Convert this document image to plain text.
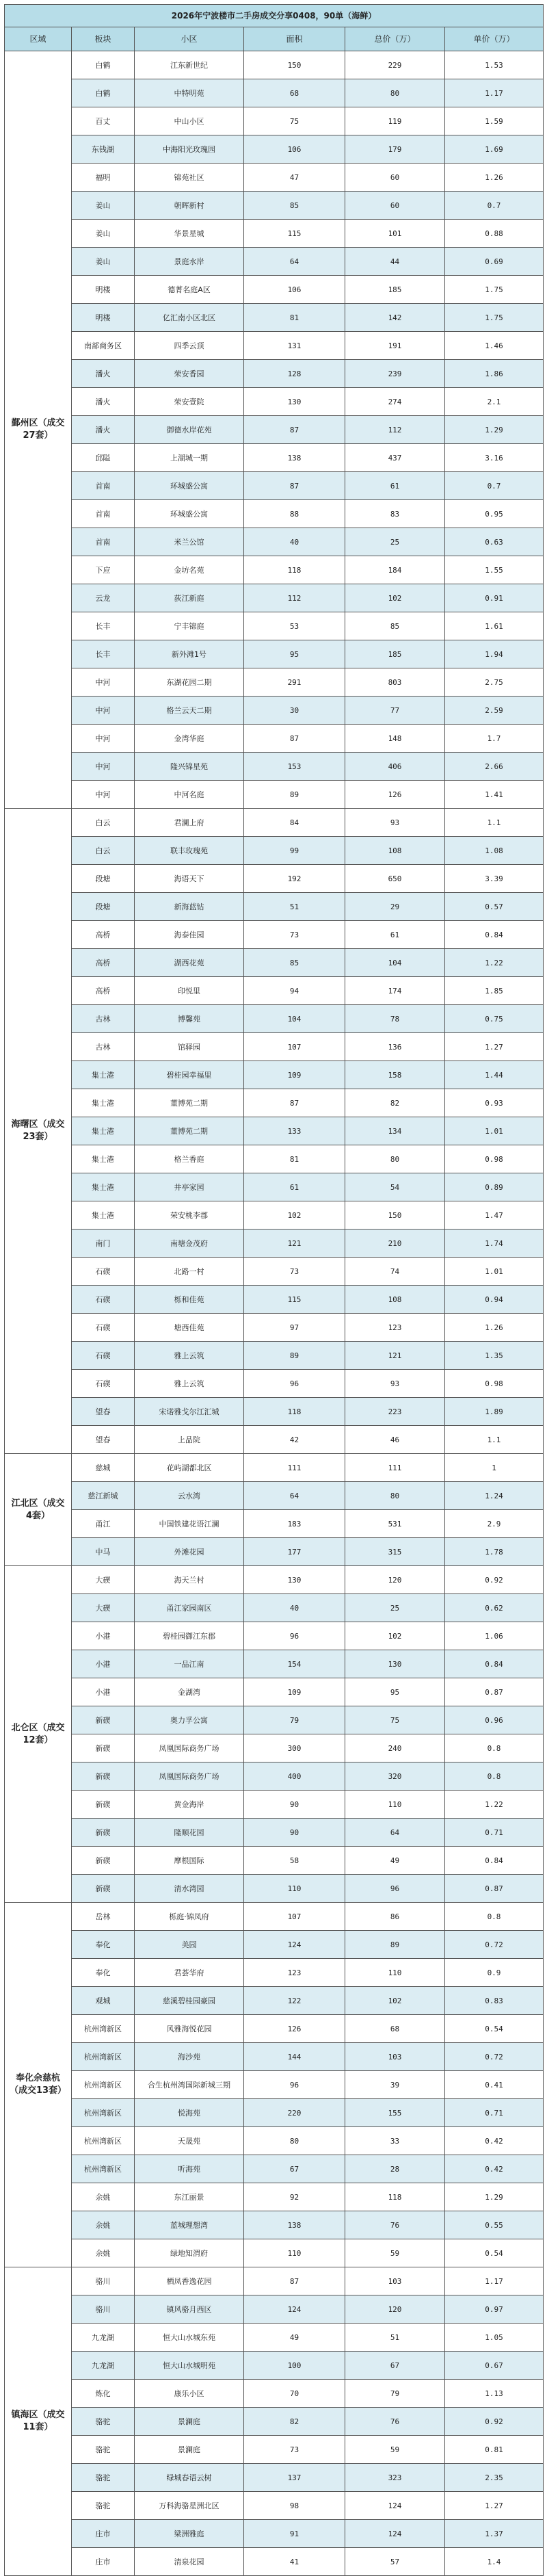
2026年宁波楼市二手房成交分享0408，90单（海鲜）					
区域	板块	小区	面积	总价（万）	单价（万）
鄞州区（成交27套）	白鹤	江东新世纪	150	229	1.53
	白鹤	中特明苑	68	80	1.17
	百丈	中山小区	75	119	1.59
	东钱湖	中海阳光玫瑰园	106	179	1.69
	福明	锦苑社区	47	60	1.26
	姜山	朝晖新村	85	60	0.7
	姜山	华景星城	115	101	0.88
	姜山	景庭水岸	64	44	0.69
	明楼	德菁名庭A区	106	185	1.75
	明楼	亿汇南小区北区	81	142	1.75
	南部商务区	四季云顶	131	191	1.46
	潘火	荣安香园	128	239	1.86
	潘火	荣安壹院	130	274	2.1
	潘火	御德水岸花苑	87	112	1.29
	邱隘	上湖城一期	138	437	3.16
	首南	环城盛公寓	87	61	0.7
	首南	环城盛公寓	88	83	0.95
	首南	米兰公馆	40	25	0.63
	下应	金坊名苑	118	184	1.55
	云龙	荻江新庭	112	102	0.91
	长丰	宁丰锦庭	53	85	1.61
	长丰	新外滩1号	95	185	1.94
	中河	东湖花园二期	291	803	2.75
	中河	格兰云天二期	30	77	2.59
	中河	金湾华庭	87	148	1.7
	中河	隆兴锦星苑	153	406	2.66
	中河	中河名庭	89	126	1.41
海曙区（成交23套）	白云	君澜上府	84	93	1.1
	白云	联丰玫瑰苑	99	108	1.08
	段塘	海语天下	192	650	3.39
	段塘	新海蓝钻	51	29	0.57
	高桥	海泰佳园	73	61	0.84
	高桥	湖西花苑	85	104	1.22
	高桥	印悦里	94	174	1.85
	古林	博馨苑	104	78	0.75
	古林	馆驿园	107	136	1.27
	集士港	碧桂园幸福里	109	158	1.44
	集士港	董博苑二期	87	82	0.93
	集士港	董博苑二期	133	134	1.01
	集士港	格兰香庭	81	80	0.98
	集士港	井亭家园	61	54	0.89
	集士港	荣安桃李郡	102	150	1.47
	南门	南塘金茂府	121	210	1.74
	石碶	北路一村	73	74	1.01
	石碶	栎和佳苑	115	108	0.94
	石碶	塘西佳苑	97	123	1.26
	石碶	雅上云筑	89	121	1.35
	石碶	雅上云筑	96	93	0.98
	望春	宋诺雅戈尔江汇城	118	223	1.89
	望春	上品院	42	46	1.1
江北区（成交4套）	慈城	花屿湖都北区	111	111	1
	慈江新城	云水湾	64	80	1.24
	甬江	中国铁建花语江澜	183	531	2.9
	中马	外滩花园	177	315	1.78
北仑区（成交12套）	大碶	海天兰村	130	120	0.92
	大碶	甬江家园南区	40	25	0.62
	小港	碧桂园御江东郡	96	102	1.06
	小港	一品江南	154	130	0.84
	小港	金湖湾	109	95	0.87
	新碶	奥力孚公寓	79	75	0.96
	新碶	凤凰国际商务广场	300	240	0.8
	新碶	凤凰国际商务广场	400	320	0.8
	新碶	黄金海岸	90	110	1.22
	新碶	隆顺花园	90	64	0.71
	新碶	摩根国际	58	49	0.84
	新碶	清水湾园	110	96	0.87
奉化余慈杭（成交13套）	岳林	栎庭·锦凤府	107	86	0.8
	奉化	美园	124	89	0.72
	奉化	君荟华府	123	110	0.9
	观城	慈溪碧桂园豪园	122	102	0.83
	杭州湾新区	风雅海悦花园	126	68	0.54
	杭州湾新区	海沙苑	144	103	0.72
	杭州湾新区	合生杭州湾国际新城三期	96	39	0.41
	杭州湾新区	悦海苑	220	155	0.71
	杭州湾新区	天晟苑	80	33	0.42
	杭州湾新区	听海苑	67	28	0.42
	余姚	东江丽景	92	118	1.29
	余姚	蓝城理想湾	138	76	0.55
	余姚	绿地知渭府	110	59	0.54
镇海区（成交11套）	骆川	栖凤香逸花园	87	103	1.17
	骆川	镇风骆月西区	124	120	0.97
	九龙湖	恒大山水城东苑	49	51	1.05
	九龙湖	恒大山水城明苑	100	67	0.67
	炼化	康乐小区	70	79	1.13
	骆驼	景澜庭	82	76	0.92
	骆驼	景澜庭	73	59	0.81
	骆驼	绿城春语云树	137	323	2.35
	骆驼	万科海骆星洲北区	98	124	1.27
	庄市	梁洲雅庭	91	124	1.37
	庄市	清泉花园	41	57	1.4
